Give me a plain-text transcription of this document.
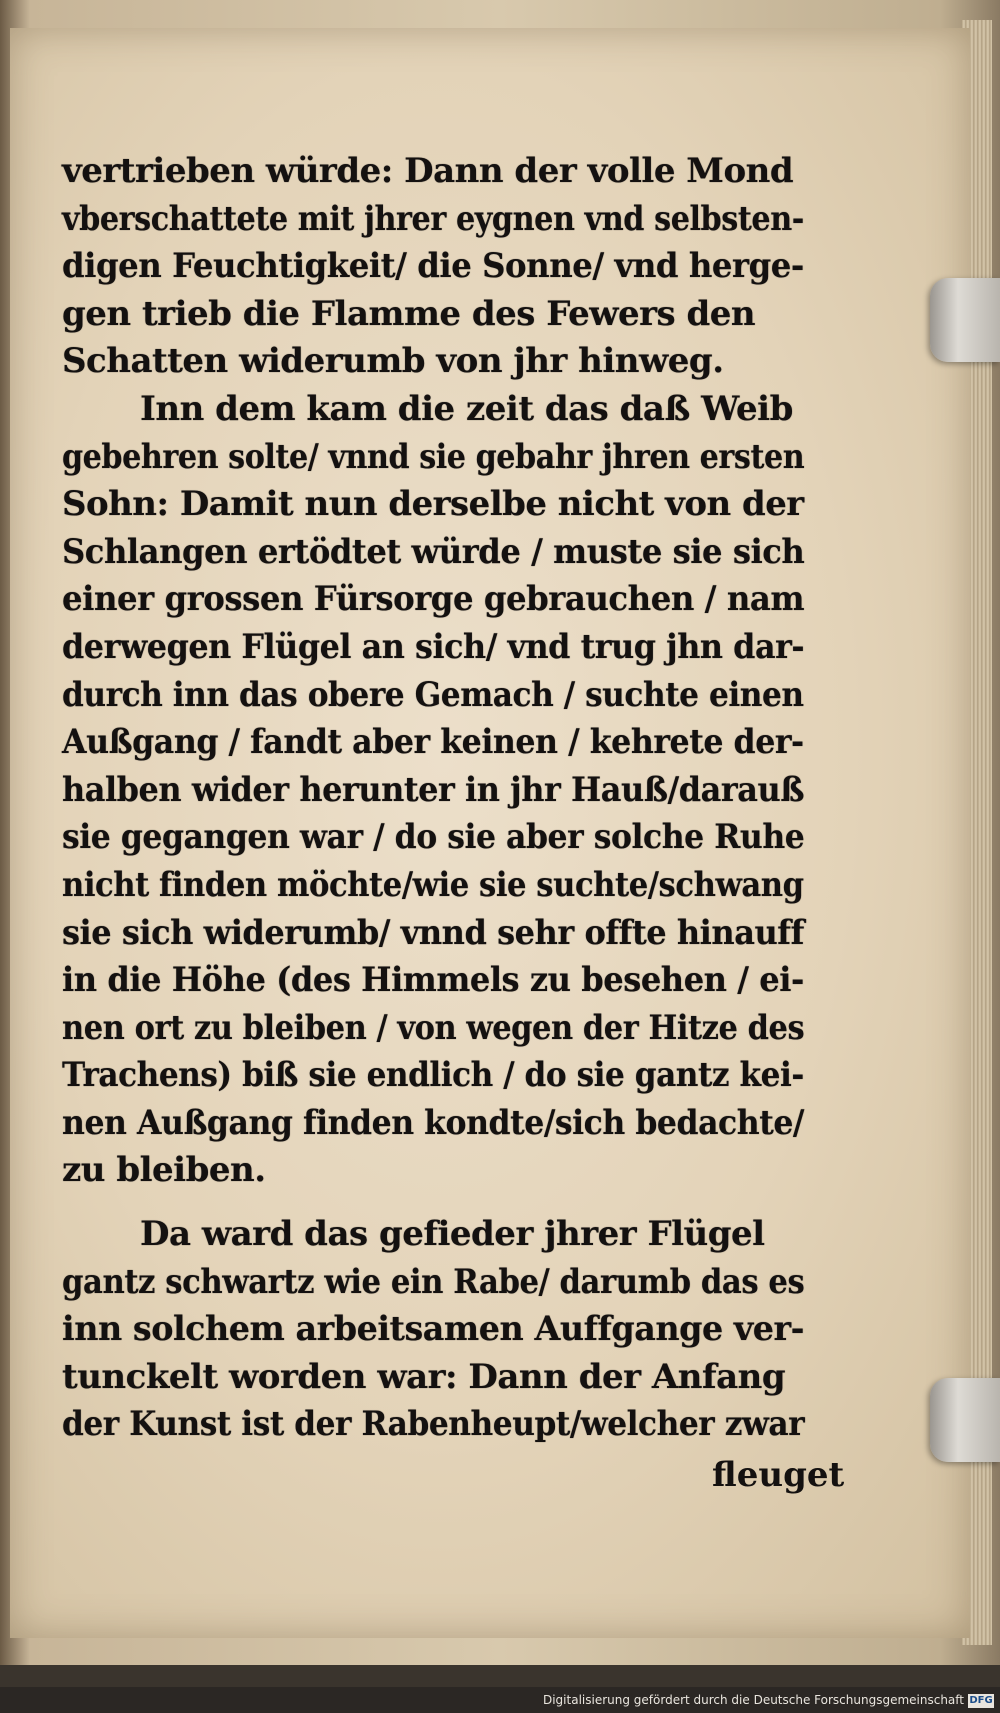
vertrieben würde: Dann der volle Mond
vberschattete mit jhrer eygnen vnd selbsten-
digen Feuchtigkeit/ die Sonne/ vnd herge-
gen trieb die Flamme des Fewers den
Schatten widerumb von jhr hinweg.
Inn dem kam die zeit das daß Weib
gebehren solte/ vnnd sie gebahr jhren ersten
Sohn: Damit nun derselbe nicht von der
Schlangen ertödtet würde / muste sie sich
einer grossen Fürsorge gebrauchen / nam
derwegen Flügel an sich/ vnd trug jhn dar-
durch inn das obere Gemach / suchte einen
Außgang / fandt aber keinen / kehrete der-
halben wider herunter in jhr Hauß/darauß
sie gegangen war / do sie aber solche Ruhe
nicht finden möchte/wie sie suchte/schwang
sie sich widerumb/ vnnd sehr offte hinauff
in die Höhe (des Himmels zu besehen / ei-
nen ort zu bleiben / von wegen der Hitze des
Trachens) biß sie endlich / do sie gantz kei-
nen Außgang finden kondte/sich bedachte/
zu bleiben.
Da ward das gefieder jhrer Flügel
gantz schwartz wie ein Rabe/ darumb das es
inn solchem arbeitsamen Auffgange ver-
tunckelt worden war: Dann der Anfang
der Kunst ist der Rabenheupt/welcher zwar
fleuget
Digitalisierung gefördert durch die Deutsche Forschungsgemeinschaft DFG
